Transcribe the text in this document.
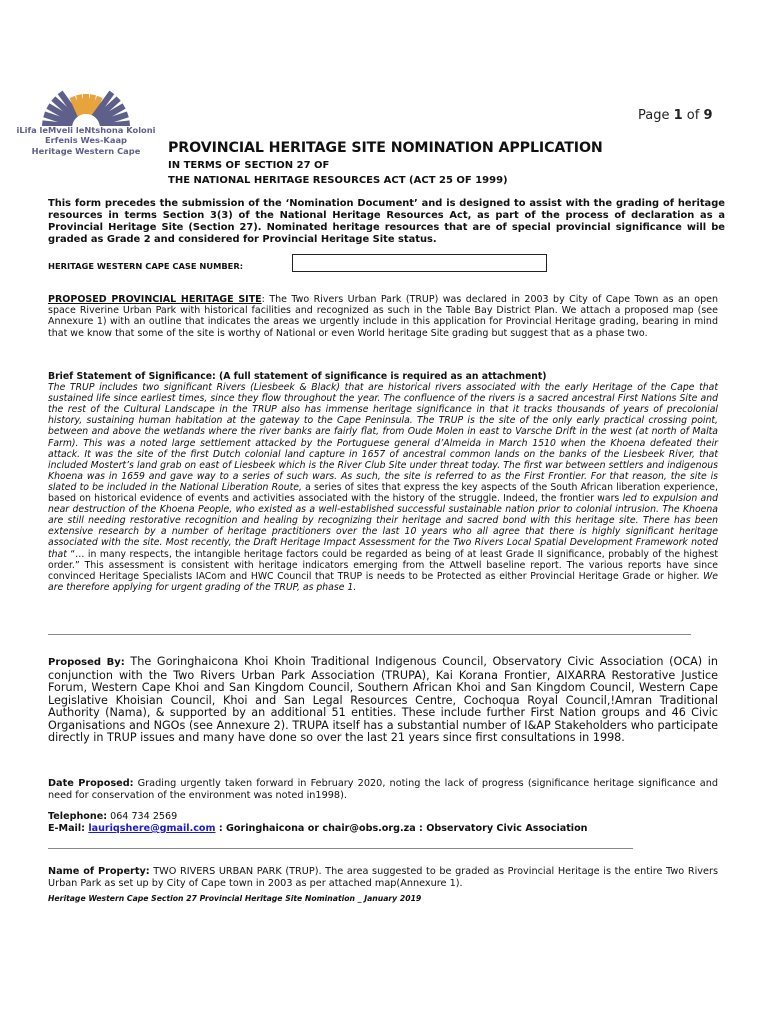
iLifa leMveli leNtshona Koloni
Erfenis Wes-Kaap
Heritage Western Cape
Page 1 of 9
PROVINCIAL HERITAGE SITE NOMINATION APPLICATION
IN TERMS OF SECTION 27 OF
THE NATIONAL HERITAGE RESOURCES ACT (ACT 25 OF 1999)
This form precedes the submission of the ‘Nomination Document’ and is designed to assist with the grading of heritage resources in terms Section 3(3) of the National Heritage Resources Act, as part of the process of declaration as a Provincial Heritage Site (Section 27). Nominated heritage resources that are of special provincial significance will be graded as Grade 2 and considered for Provincial Heritage Site status.
HERITAGE WESTERN CAPE CASE NUMBER:
PROPOSED PROVINCIAL HERITAGE SITE: The Two Rivers Urban Park (TRUP) was declared in 2003 by City of Cape Town as an open space Riverine Urban Park with historical facilities and recognized as such in the Table Bay District Plan. We attach a proposed map (see Annexure 1) with an outline that indicates the areas we urgently include in this application for Provincial Heritage grading, bearing in mind that we know that some of the site is worthy of National or even World heritage Site grading but suggest that as a phase two.
Brief Statement of Significance: (A full statement of significance is required as an attachment)
The TRUP includes two significant Rivers (Liesbeek & Black) that are historical rivers associated with the early Heritage of the Cape that sustained life since earliest times, since they flow throughout the year. The confluence of the rivers is a sacred ancestral First Nations Site and the rest of the Cultural Landscape in the TRUP also has immense heritage significance in that it tracks thousands of years of precolonial history, sustaining human habitation at the gateway to the Cape Peninsula. The TRUP is the site of the only early practical crossing point, between and above the wetlands where the river banks are fairly flat, from Oude Molen in east to Varsche Drift in the west (at north of Malta Farm). This was a noted large settlement attacked by the Portuguese general d’Almeida in March 1510 when the Khoena defeated their attack. It was the site of the first Dutch colonial land capture in 1657 of ancestral common lands on the banks of the Liesbeek River, that included Mostert’s land grab on east of Liesbeek which is the River Club Site under threat today. The first war between settlers and indigenous Khoena was in 1659 and gave way to a series of such wars. As such, the site is referred to as the First Frontier. For that reason, the site is slated to be included in the National Liberation Route, a series of sites that express the key aspects of the South African liberation experience, based on historical evidence of events and activities associated with the history of the struggle. Indeed, the frontier wars led to expulsion and near destruction of the Khoena People, who existed as a well-established successful sustainable nation prior to colonial intrusion. The Khoena are still needing restorative recognition and healing by recognizing their heritage and sacred bond with this heritage site. There has been extensive research by a number of heritage practitioners over the last 10 years who all agree that there is highly significant heritage associated with the site. Most recently, the Draft Heritage Impact Assessment for the Two Rivers Local Spatial Development Framework noted that “… in many respects, the intangible heritage factors could be regarded as being of at least Grade II significance, probably of the highest order.” This assessment is consistent with heritage indicators emerging from the Attwell baseline report. The various reports have since convinced Heritage Specialists IACom and HWC Council that TRUP is needs to be Protected as either Provincial Heritage Grade or higher. We are therefore applying for urgent grading of the TRUP, as phase 1.
Proposed By: The Goringhaicona Khoi Khoin Traditional Indigenous Council, Observatory Civic Association (OCA) in conjunction with the Two Rivers Urban Park Association (TRUPA), Kai Korana Frontier, AIXARRA Restorative Justice Forum, Western Cape Khoi and San Kingdom Council, Southern African Khoi and San Kingdom Council, Western Cape Legislative Khoisian Council, Khoi and San Legal Resources Centre, Cochoqua Royal Council,!Amran Traditional Authority (Nama), & supported by an additional 51 entities. These include further First Nation groups and 46 Civic Organisations and NGOs (see Annexure 2). TRUPA itself has a substantial number of I&AP Stakeholders who participate directly in TRUP issues and many have done so over the last 21 years since first consultations in 1998.
Date Proposed: Grading urgently taken forward in February 2020, noting the lack of progress (significance heritage significance and need for conservation of the environment was noted in1998).
Telephone: 064 734 2569
E-Mail: lauriqshere@gmail.com : Goringhaicona or chair@obs.org.za : Observatory Civic Association
Name of Property: TWO RIVERS URBAN PARK (TRUP). The area suggested to be graded as Provincial Heritage is the entire Two Rivers Urban Park as set up by City of Cape town in 2003 as per attached map(Annexure 1).
Heritage Western Cape Section 27 Provincial Heritage Site Nomination _ January 2019
